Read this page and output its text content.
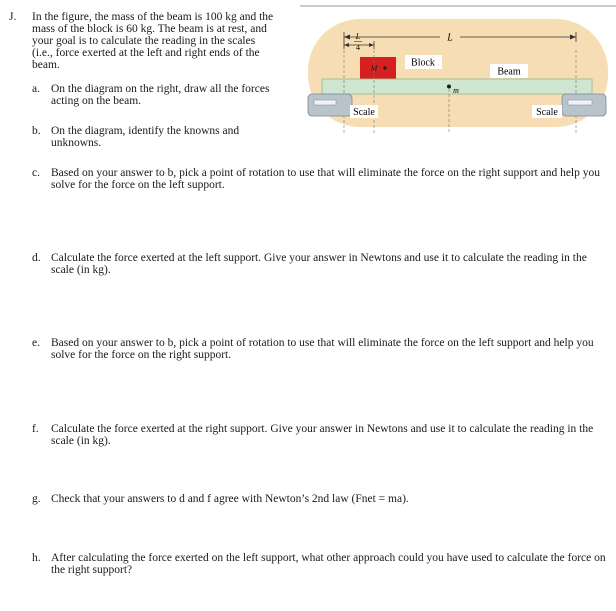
J. In the figure, the mass of the beam is 100 kg and the mass of the block is 60 kg. The beam is at rest, and your goal is to calculate the reading in the scales (i.e., force exerted at the left and right ends of the beam.
a. On the diagram on the right, draw all the forces acting on the beam.
b. On the diagram, identify the knowns and unknowns.
c. Based on your answer to b, pick a point of rotation to use that will eliminate the force on the right support and help you solve for the force on the left support.
d. Calculate the force exerted at the left support. Give your answer in Newtons and use it to calculate the reading in the scale (in kg).
e. Based on your answer to b, pick a point of rotation to use that will eliminate the force on the left support and help you solve for the force on the right support.
f. Calculate the force exerted at the right support. Give your answer in Newtons and use it to calculate the reading in the scale (in kg).
g. Check that your answers to d and f agree with Newton’s 2nd law (Fnet = ma).
h. After calculating the force exerted on the left support, what other approach could you have used to calculate the force on the right support?
L
L
4
M	Block
Beam
m
Scale	Scale
